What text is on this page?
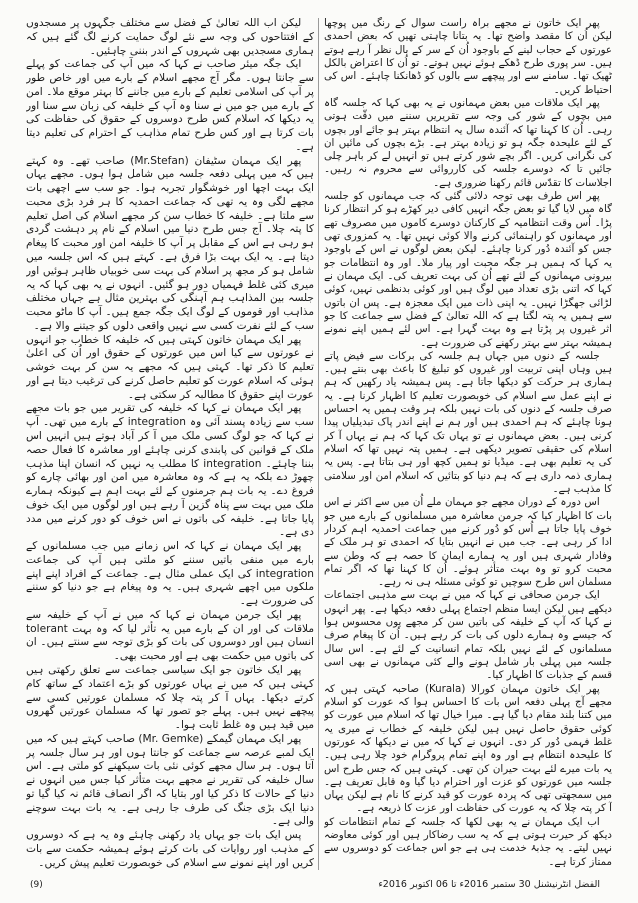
پھر ایک خاتون نے مجھے براہ راست سوال کے رنگ میں پوچھا لیکن اُن کا مقصد واضح تھا۔ یہ بتانا چاہتی تھیں کہ بعض احمدی عورتوں کے حجاب لینے کے باوجود اُن کے سر کے بال نظر آ رہے ہوتے ہیں۔ سر پوری طرح ڈھکے ہوئے نہیں ہوتے۔ تو اُن کا اعتراض بالکل ٹھیک تھا۔ سامنے سے اور پیچھے سے بالوں کو ڈھانکنا چاہئے۔ اس کی احتیاط کریں۔

پھر ایک ملاقات میں بعض مہمانوں نے یہ بھی کہا کہ جلسہ گاہ میں بچوں کے شور کی وجہ سے تقریریں سننے میں دقّت ہوتی رہی۔ اُن کا کہنا تھا کہ آئندہ سال یہ انتظام بہتر ہو جائے اور بچوں کے لئے علیحدہ جگہ ہو تو زیادہ بہتر ہے۔ بڑے بچوں کی مائیں ان کی نگرانی کریں۔ اگر بچے شور کرتے ہیں تو انہیں لے کر باہر چلی جائیں تا کہ دوسرے جلسہ کی کارروائی سے محروم نہ رہیں۔ اجلاسات کا تقدّس قائم رکھنا ضروری ہے۔

پھر اس طرف بھی توجہ دلائی گئی کہ جب مہمانوں کو جلسہ گاہ میں لایا گیا تو بعض جگہ انہیں کافی دیر کھڑے ہو کر انتظار کرنا پڑا۔ اُس وقت انتظامیہ کے کارکنان دوسرے کاموں میں مصروف تھے اور مہمانوں کو راہنمائی کرنے والا کوئی نہیں تھا۔ یہ کمزوری تھی جس کو آئندہ دُور کرنا چاہئے۔ لیکن بعض لوگوں نے اس کے باوجود یہ کہا کہ ہمیں ہر جگہ محبت اور پیار ملا۔ اور وہ انتظامات جو بیرونی مہمانوں کے لئے تھے اُن کی بہت تعریف کی۔ ایک مہمان نے کہا کہ اتنی بڑی تعداد میں لوگ ہیں اور کوئی بدنظمی نہیں، کوئی لڑائی جھگڑا نہیں۔ یہ اپنی ذات میں ایک معجزہ ہے۔ پس ان باتوں سے ہمیں یہ پتہ لگتا ہے کہ اللہ تعالیٰ کے فضل سے جماعت کا جو اثر غیروں پر پڑتا ہے وہ بہت گہرا ہے۔ اس لئے ہمیں اپنے نمونے ہمیشہ بہتر سے بہتر رکھنے کی ضرورت ہے۔

جلسہ کے دنوں میں جہاں ہم جلسہ کی برکات سے فیض پاتے ہیں وہاں اپنی تربیت اور غیروں کو تبلیغ کا باعث بھی بنتے ہیں۔ ہماری ہر حرکت کو دیکھا جاتا ہے۔ پس ہمیشہ یاد رکھیں کہ ہم نے اپنے عمل سے اسلام کی خوبصورت تعلیم کا اظہار کرنا ہے۔ یہ صرف جلسہ کے دنوں کی بات نہیں بلکہ ہر وقت ہمیں یہ احساس ہونا چاہئے کہ ہم احمدی ہیں اور ہم نے اپنے اندر پاک تبدیلیاں پیدا کرنی ہیں۔ بعض مہمانوں نے تو یہاں تک کہا کہ ہم نے یہاں آ کر اسلام کی حقیقی تصویر دیکھی ہے۔ ہمیں پتہ نہیں تھا کہ اسلام کی یہ تعلیم بھی ہے۔ میڈیا تو ہمیں کچھ اور ہی بتاتا ہے۔ پس یہ ہماری ذمہ داری ہے کہ ہم دنیا کو بتائیں کہ اسلام امن اور سلامتی کا مذہب ہے۔

اس دورہ کے دوران مجھے جو مہمان ملے اُن میں سے اکثر نے اس بات کا اظہار کیا کہ جرمن معاشرہ میں مسلمانوں کے بارے میں جو خوف پایا جاتا ہے اُس کو دُور کرنے میں جماعت احمدیہ اہم کردار ادا کر رہی ہے۔ جب میں نے انہیں بتایا کہ احمدی تو ہر ملک کے وفادار شہری ہیں اور یہ ہمارے ایمان کا حصہ ہے کہ وطن سے محبت کرو تو وہ بہت متأثر ہوئے۔ اُن کا کہنا تھا کہ اگر تمام مسلمان اس طرح سوچیں تو کوئی مسئلہ ہی نہ رہے۔

ایک جرمن صحافی نے کہا کہ میں نے بہت سے مذہبی اجتماعات دیکھے ہیں لیکن ایسا منظم اجتماع پہلی دفعہ دیکھا ہے۔ پھر انہوں نے کہا کہ آپ کے خلیفہ کی باتیں سن کر مجھے یوں محسوس ہوا کہ جیسے وہ ہمارے دلوں کی بات کر رہے ہیں۔ اُن کا پیغام صرف مسلمانوں کے لئے نہیں بلکہ تمام انسانیت کے لئے ہے۔ اس سال جلسہ میں پہلی بار شامل ہونے والے کئی مہمانوں نے بھی اسی قسم کے جذبات کا اظہار کیا۔

پھر ایک خاتون مہمان کورالا (Kurala) صاحبہ کہتی ہیں کہ مجھے آج پہلی دفعہ اس بات کا احساس ہوا کہ عورت کو اسلام میں کتنا بلند مقام دیا گیا ہے۔ میرا خیال تھا کہ اسلام میں عورت کو کوئی حقوق حاصل نہیں ہیں لیکن خلیفہ کے خطاب نے میری یہ غلط فہمی دُور کر دی۔ انہوں نے کہا کہ میں نے دیکھا کہ عورتوں کا علیحدہ انتظام ہے اور وہ اپنے تمام پروگرام خود چلا رہی ہیں۔ یہ بات میرے لئے بہت حیران کن تھی۔ کہتی ہیں کہ جس طرح اس جلسہ میں عورتوں کو عزت اور احترام دیا گیا وہ قابل تعریف ہے۔ میں سمجھتی تھی کہ پردہ عورت کو قید کرنے کا نام ہے لیکن یہاں آ کر پتہ چلا کہ یہ عورت کی حفاظت اور عزت کا ذریعہ ہے۔

اب ایک مہمان نے یہ بھی لکھا کہ جلسہ کے تمام انتظامات کو دیکھ کر حیرت ہوتی ہے کہ یہ سب رضاکار ہیں اور کوئی معاوضہ نہیں لیتے۔ یہ جذبۂ خدمت ہی ہے جو اس جماعت کو دوسروں سے ممتاز کرتا ہے۔

لیکن اب اللہ تعالیٰ کے فضل سے مختلف جگہوں پر مسجدوں کے افتتاحوں کی وجہ سے نئے لوگ حمایت کرنے لگ گئے ہیں کہ ہماری مسجدیں بھی شہروں کے اندر بننی چاہئیں۔

ایک جگہ میئر صاحب نے کہا کہ میں آپ کی جماعت کو پہلے سے جانتا ہوں۔ مگر آج مجھے اسلام کے بارے میں اور خاص طور پر آپ کی اسلامی تعلیم کے بارے میں جاننے کا بہتر موقع ملا۔ امن کے بارے میں جو میں نے سنا وہ آپ کے خلیفہ کی زبان سے سنا اور یہ دیکھا کہ اسلام کس طرح دوسروں کے حقوق کی حفاظت کی بات کرتا ہے اور کس طرح تمام مذاہب کے احترام کی تعلیم دیتا ہے۔

پھر ایک مہمان سٹیفان (Mr.Stefan) صاحب تھے۔ وہ کہتے ہیں کہ میں پہلی دفعہ جلسہ میں شامل ہوا ہوں۔ مجھے یہاں ایک بہت اچھا اور خوشگوار تجربہ ہوا۔ جو سب سے اچھی بات مجھے لگی وہ یہ تھی کہ جماعت احمدیہ کا ہر فرد بڑی محبت سے ملتا ہے۔ خلیفہ کا خطاب سن کر مجھے اسلام کی اصل تعلیم کا پتہ چلا۔ آج جس طرح دنیا میں اسلام کے نام پر دہشت گردی ہو رہی ہے اس کے مقابل پر آپ کا خلیفہ امن اور محبت کا پیغام دیتا ہے۔ یہ ایک بہت بڑا فرق ہے۔ کہتے ہیں کہ اس جلسہ میں شامل ہو کر مجھ پر اسلام کی بہت سی خوبیاں ظاہر ہوئیں اور میری کئی غلط فہمیاں دور ہو گئیں۔ انہوں نے یہ بھی کہا کہ یہ جلسہ بین المذاہب ہم آہنگی کی بہترین مثال ہے جہاں مختلف مذاہب اور قوموں کے لوگ ایک جگہ جمع ہیں۔ آپ کا ماٹو محبت سب کے لئے نفرت کسی سے نہیں واقعی دلوں کو جیتنے والا ہے۔

پھر ایک مہمان خاتون کہتی ہیں کہ خلیفہ کا خطاب جو انہوں نے عورتوں سے کیا اس میں عورتوں کے حقوق اور اُن کی اعلیٰ تعلیم کا ذکر تھا۔ کہتی ہیں کہ مجھے یہ سن کر بہت خوشی ہوئی کہ اسلام عورت کو تعلیم حاصل کرنے کی ترغیب دیتا ہے اور عورت اپنے حقوق کا مطالبہ کر سکتی ہے۔

پھر ایک مہمان نے کہا کہ خلیفہ کی تقریر میں جو بات مجھے سب سے زیادہ پسند آئی وہ integration کے بارے میں تھی۔ آپ نے کہا کہ جو لوگ کسی ملک میں آ کر آباد ہوتے ہیں انہیں اس ملک کے قوانین کی پابندی کرنی چاہئے اور معاشرہ کا فعال حصہ بننا چاہئے۔ integration کا مطلب یہ نہیں کہ انسان اپنا مذہب چھوڑ دے بلکہ یہ ہے کہ وہ معاشرہ میں امن اور بھائی چارے کو فروغ دے۔ یہ بات ہم جرمنوں کے لئے بہت اہم ہے کیونکہ ہمارے ملک میں بہت سے پناہ گزین آ رہے ہیں اور لوگوں میں ایک خوف پایا جاتا ہے۔ خلیفہ کی باتوں نے اس خوف کو دور کرنے میں مدد دی ہے۔

پھر ایک مہمان نے کہا کہ اس زمانے میں جب مسلمانوں کے بارے میں منفی باتیں سننے کو ملتی ہیں آپ کی جماعت integration کی ایک عملی مثال ہے۔ جماعت کے افراد اپنے اپنے ملکوں میں اچھے شہری ہیں۔ یہ وہ پیغام ہے جو دنیا کو سننے کی ضرورت ہے۔

پھر ایک جرمن مہمان نے کہا کہ میں نے آپ کے خلیفہ سے ملاقات کی اور ان کے بارے میں یہ تأثر لیا کہ وہ بہت tolerant انسان ہیں اور دوسروں کی بات کو بڑی توجہ سے سنتے ہیں۔ ان کی باتوں میں حکمت بھی ہے اور محبت بھی۔

پھر ایک خاتون جو ایک سیاسی جماعت سے تعلق رکھتی ہیں کہتی ہیں کہ میں نے یہاں عورتوں کو بڑے اعتماد کے ساتھ کام کرتے دیکھا۔ یہاں آ کر پتہ چلا کہ مسلمان عورتیں کسی سے پیچھے نہیں ہیں۔ پہلے جو تصور تھا کہ مسلمان عورتیں گھروں میں قید ہیں وہ غلط ثابت ہوا۔

پھر ایک مہمان گیمکے (Mr. Gemke) صاحب کہتے ہیں کہ میں ایک لمبے عرصہ سے جماعت کو جانتا ہوں اور ہر سال جلسہ پر آتا ہوں۔ ہر سال مجھے کوئی نئی بات سیکھنے کو ملتی ہے۔ اس سال خلیفہ کی تقریر نے مجھے بہت متأثر کیا جس میں انہوں نے دنیا کے حالات کا ذکر کیا اور بتایا کہ اگر انصاف قائم نہ کیا گیا تو دنیا ایک بڑی جنگ کی طرف جا رہی ہے۔ یہ بات بہت سوچنے والی ہے۔

پس ایک بات جو یہاں یاد رکھنی چاہئے وہ یہ ہے کہ دوسروں کے مذہب اور روایات کی بات کرتے ہوئے ہمیشہ حکمت سے بات کریں اور اپنے نمونے سے اسلام کی خوبصورت تعلیم پیش کریں۔

(9)	الفضل انٹرنیشنل 30 ستمبر 2016ء تا 06 اکتوبر 2016ء
